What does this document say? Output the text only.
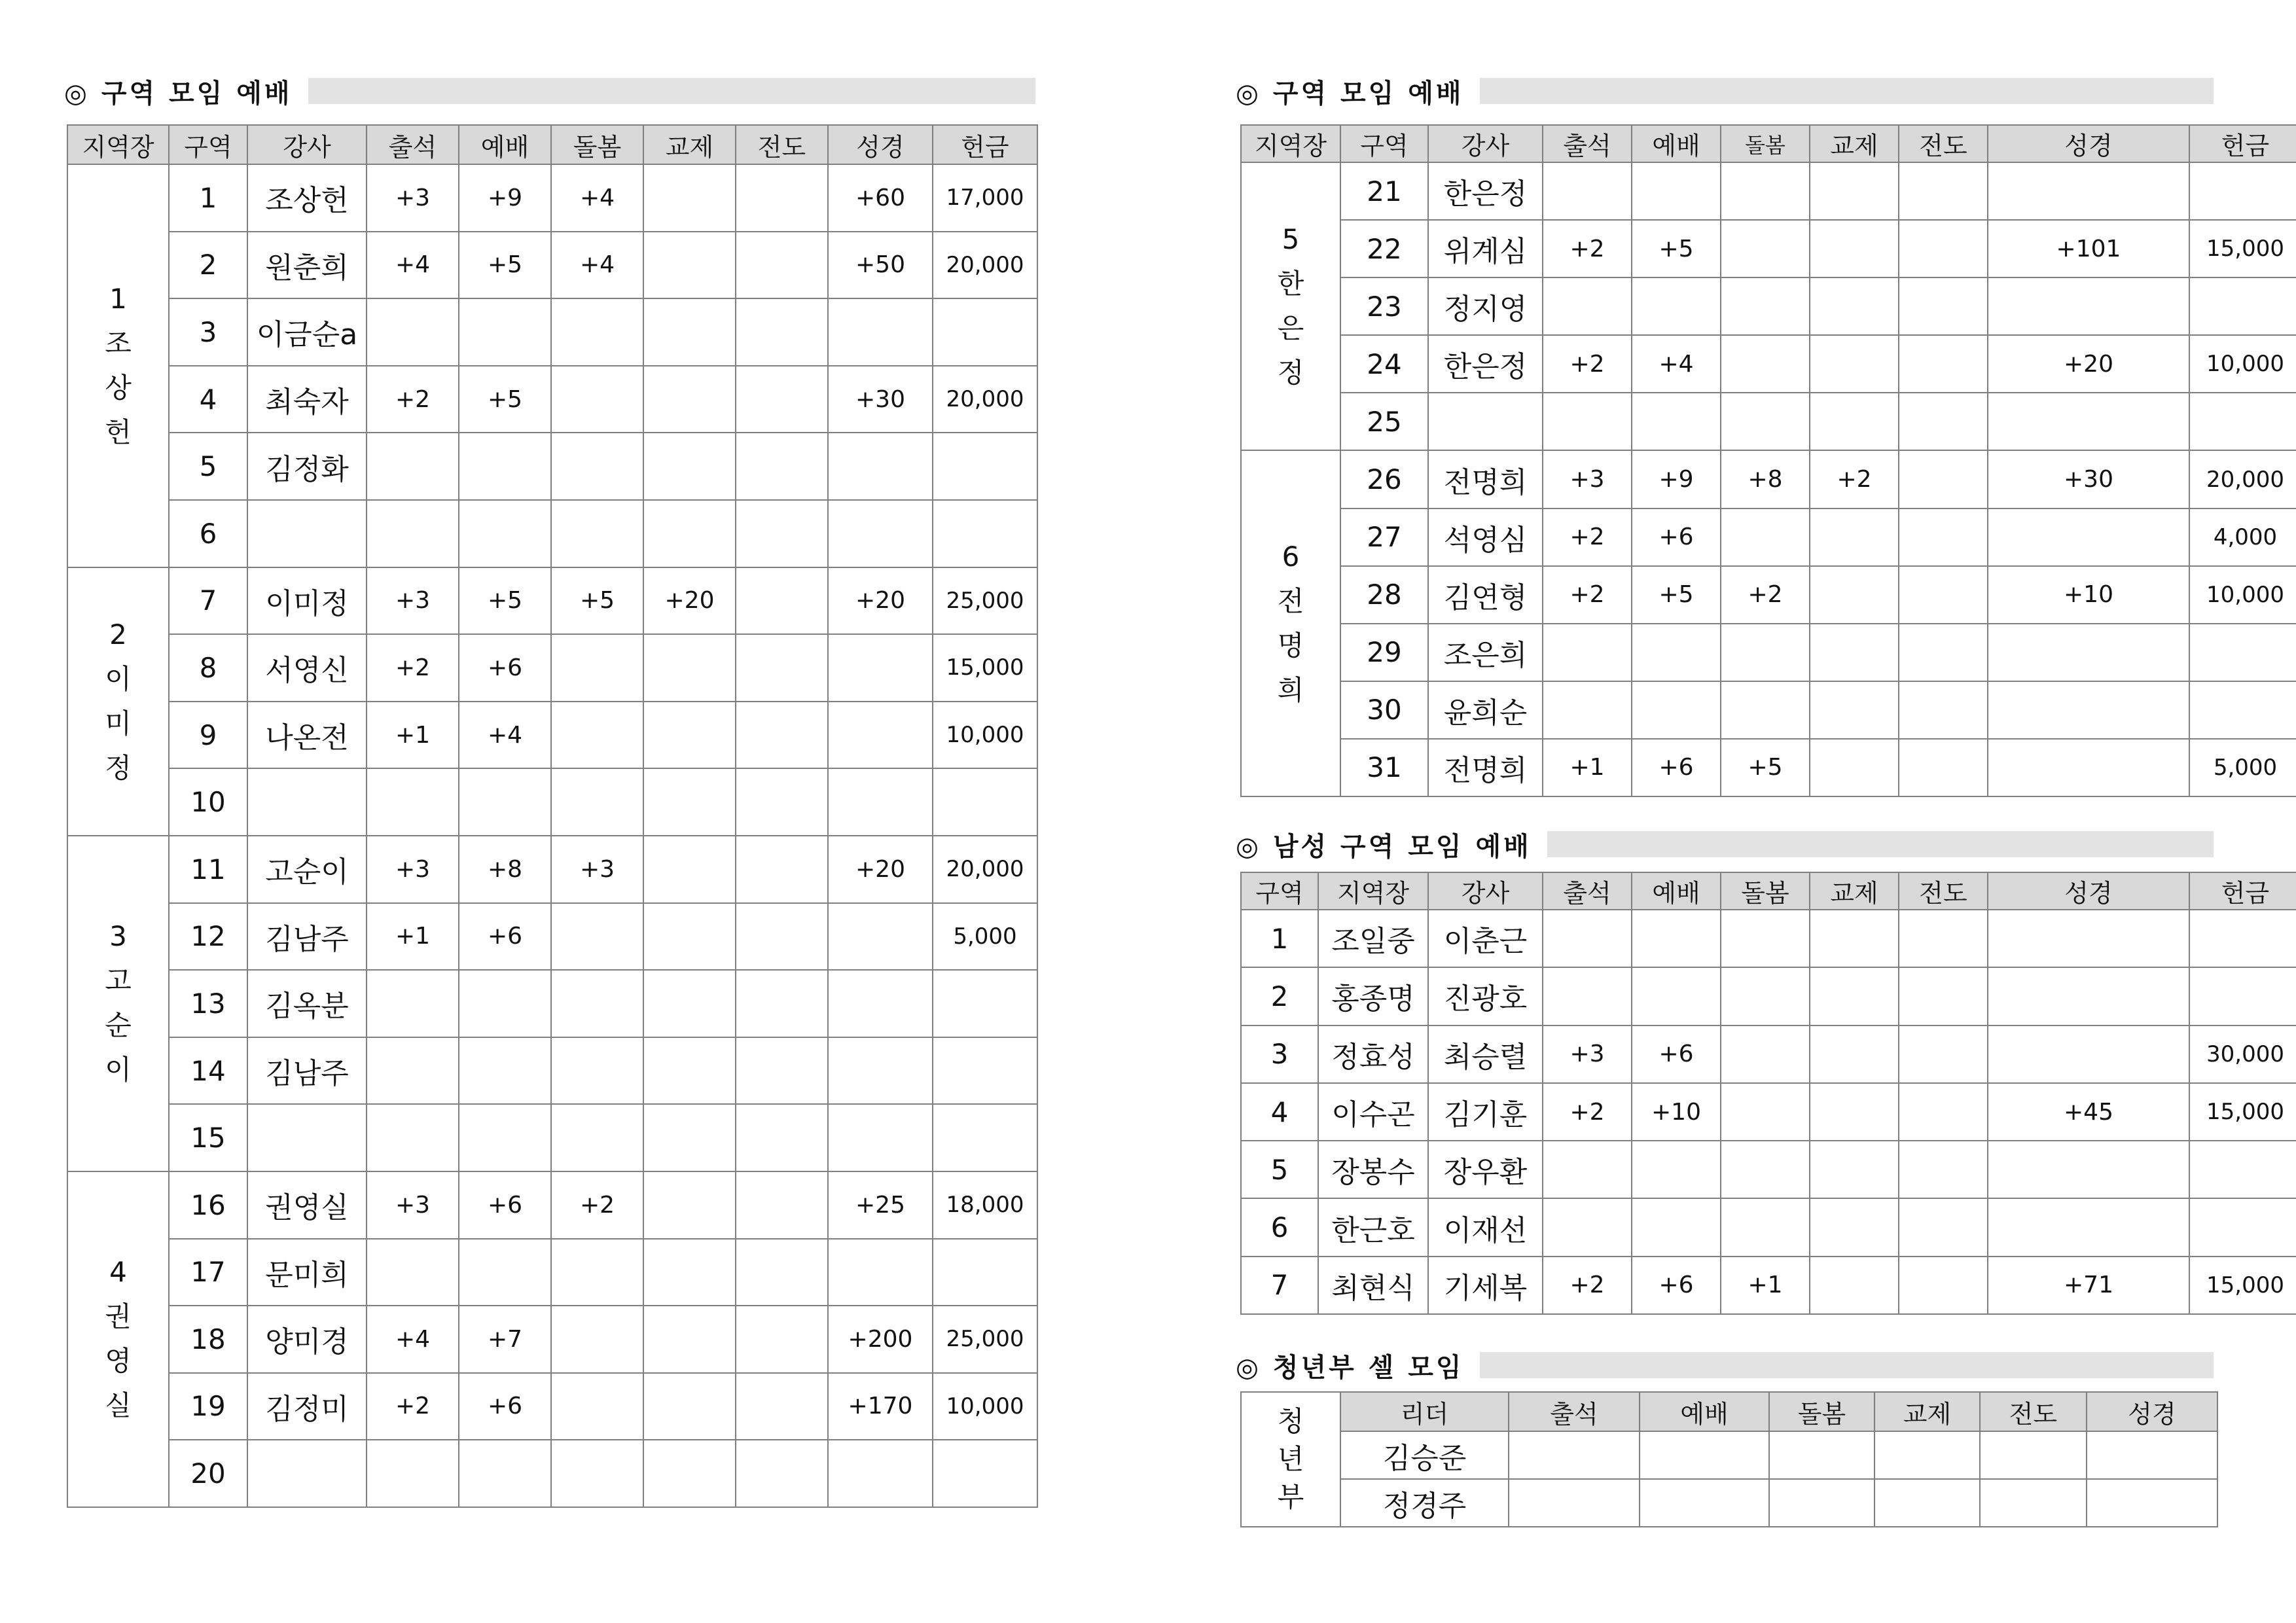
◎ 구역 모임 예배
지역장	구역	강사	출석	예배	돌봄	교제	전도	성경	헌금

1
조
상
헌	1	조상헌	+3	+9	+4			+60	17,000
	2	원춘희	+4	+5	+4			+50	20,000
	3	이금순a							
	4	최숙자	+2	+5				+30	20,000
	5	김정화							
	6								

2
이
미
정	7	이미정	+3	+5	+5	+20		+20	25,000
	8	서영신	+2	+6					15,000
	9	나온전	+1	+4					10,000
	10								

3
고
순
이	11	고순이	+3	+8	+3			+20	20,000
	12	김남주	+1	+6					5,000
	13	김옥분							
	14	김남주							
	15								

4
권
영
실	16	권영실	+3	+6	+2			+25	18,000
	17	문미희							
	18	양미경	+4	+7				+200	25,000
	19	김정미	+2	+6				+170	10,000
	20								
◎ 구역 모임 예배
지역장	구역	강사	출석	예배	돌봄	교제	전도	성경	헌금

5
한
은
정	21	한은정							
	22	위계심	+2	+5				+101	15,000
	23	정지영							
	24	한은정	+2	+4				+20	10,000
	25								

6
전
명
희	26	전명희	+3	+9	+8	+2		+30	20,000
	27	석영심	+2	+6					4,000
	28	김연형	+2	+5	+2			+10	10,000
	29	조은희							
	30	윤희순							
	31	전명희	+1	+6	+5				5,000
◎ 남성 구역 모임 예배
구역	지역장	강사	출석	예배	돌봄	교제	전도	성경	헌금
1	조일중	이춘근							
2	홍종명	진광호							
3	정효성	최승렬	+3	+6					30,000
4	이수곤	김기훈	+2	+10				+45	15,000
5	장봉수	장우환							
6	한근호	이재선							
7	최현식	기세복	+2	+6	+1			+71	15,000
◎ 청년부 셀 모임
청
년
부	리더	출석	예배	돌봄	교제	전도	성경
	김승준						
	정경주						
